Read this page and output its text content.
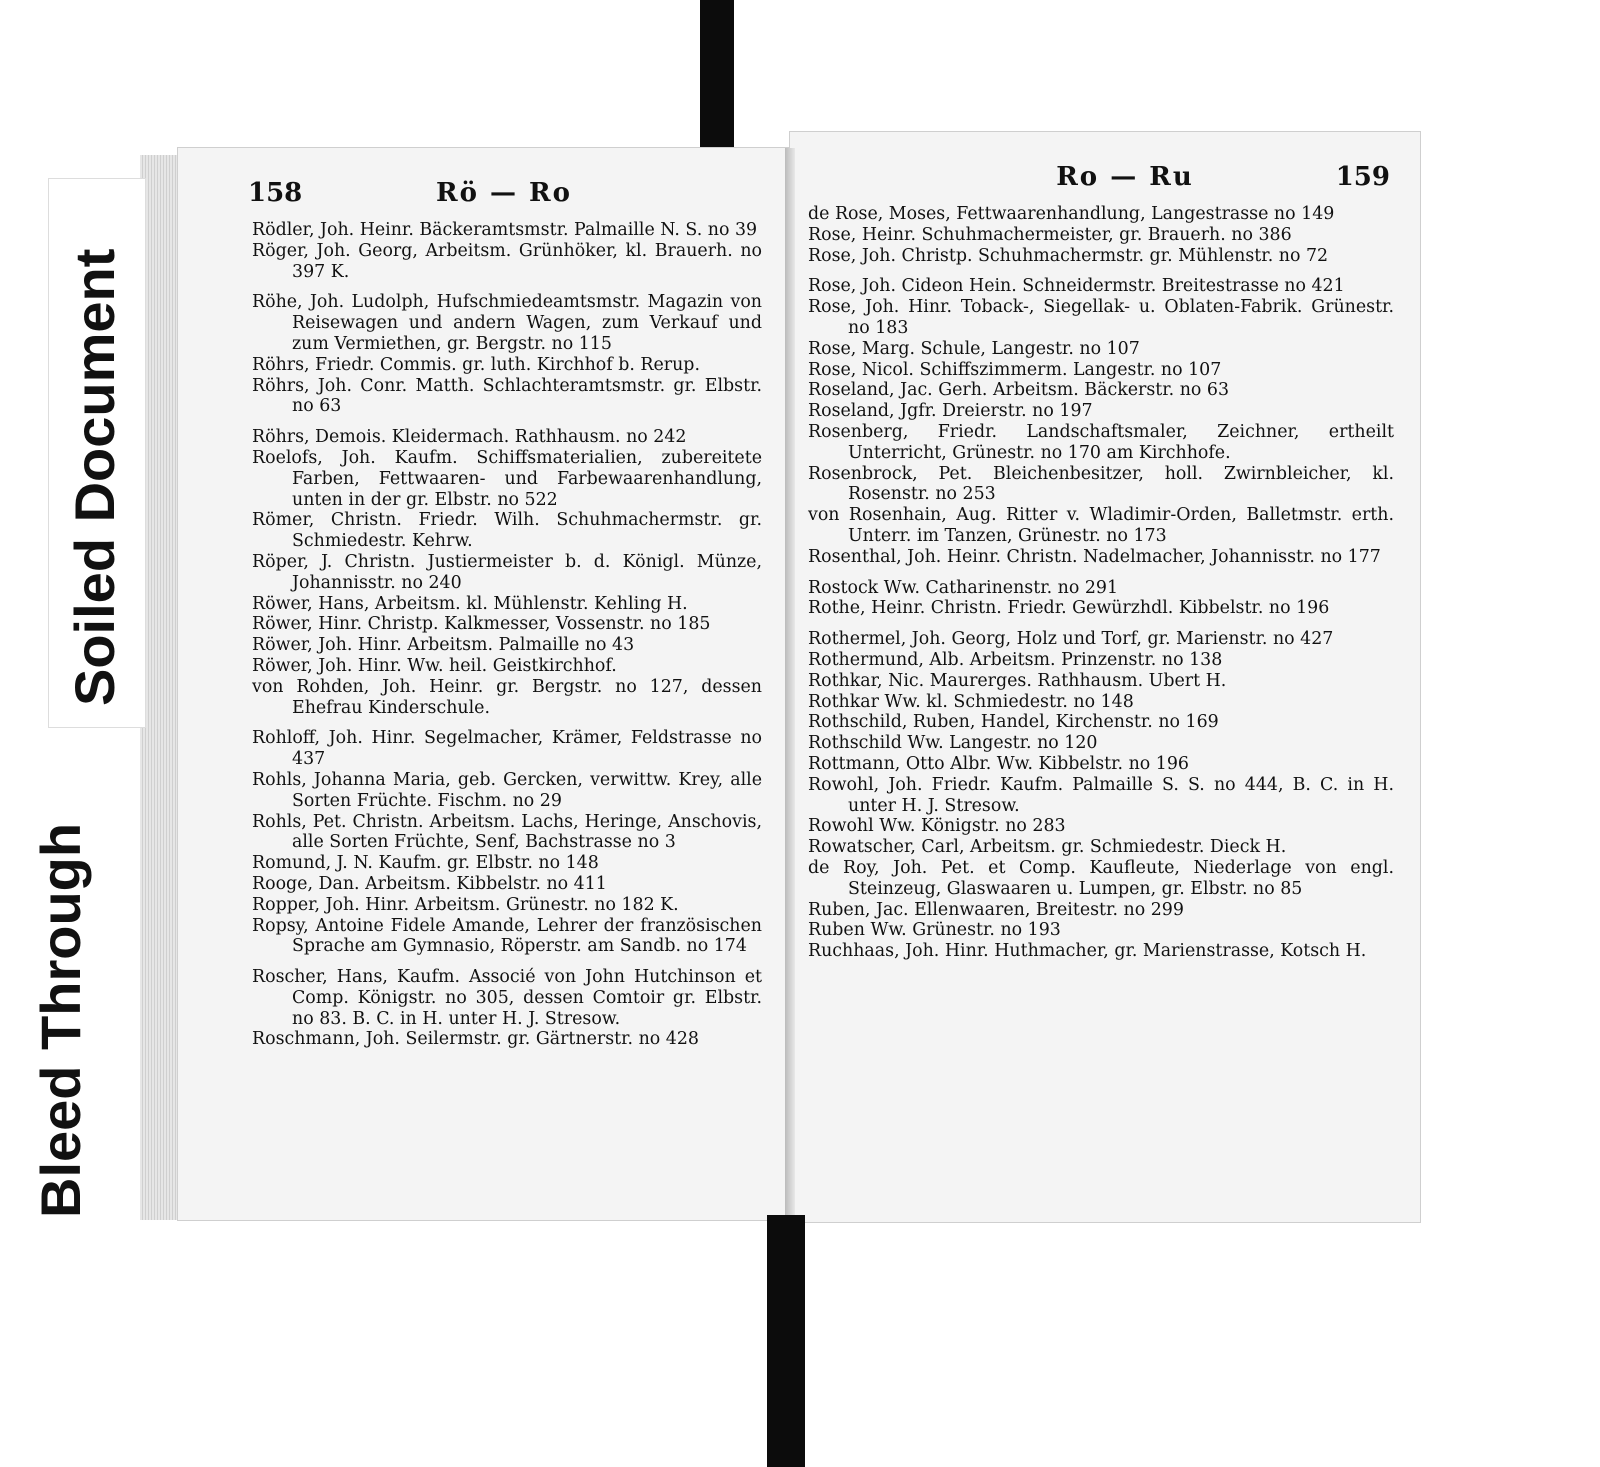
158	Rö — Ro
Rödler, Joh. Heinr. Bäckeramtsmstr. Palmaille N. S. no 39
Röger, Joh. Georg, Arbeitsm. Grünhöker, kl. Brauerh. no 397 K.
Röhe, Joh. Ludolph, Hufschmiedeamtsmstr. Magazin von Reisewagen und andern Wagen, zum Verkauf und zum Vermiethen, gr. Bergstr. no 115
Röhrs, Friedr. Commis. gr. luth. Kirchhof b. Rerup.
Röhrs, Joh. Conr. Matth. Schlachteramtsmstr. gr. Elbstr. no 63
Röhrs, Demois. Kleidermach. Rathhausm. no 242
Roelofs, Joh. Kaufm. Schiffsmaterialien, zubereitete Farben, Fettwaaren- und Farbewaarenhandlung, unten in der gr. Elbstr. no 522
Römer, Christn. Friedr. Wilh. Schuhmachermstr. gr. Schmiedestr. Kehrw.
Röper, J. Christn. Justiermeister b. d. Königl. Münze, Johannisstr. no 240
Röwer, Hans, Arbeitsm. kl. Mühlenstr. Kehling H.
Röwer, Hinr. Christp. Kalkmesser, Vossenstr. no 185
Röwer, Joh. Hinr. Arbeitsm. Palmaille no 43
Röwer, Joh. Hinr. Ww. heil. Geistkirchhof.
von Rohden, Joh. Heinr. gr. Bergstr. no 127, dessen Ehefrau Kinderschule.
Rohloff, Joh. Hinr. Segelmacher, Krämer, Feldstrasse no 437
Rohls, Johanna Maria, geb. Gercken, verwittw. Krey, alle Sorten Früchte. Fischm. no 29
Rohls, Pet. Christn. Arbeitsm. Lachs, Heringe, Anschovis, alle Sorten Früchte, Senf, Bachstrasse no 3
Romund, J. N. Kaufm. gr. Elbstr. no 148
Rooge, Dan. Arbeitsm. Kibbelstr. no 411
Ropper, Joh. Hinr. Arbeitsm. Grünestr. no 182 K.
Ropsy, Antoine Fidele Amande, Lehrer der französischen Sprache am Gymnasio, Röperstr. am Sandb. no 174
Roscher, Hans, Kaufm. Associé von John Hutchinson et Comp. Königstr. no 305, dessen Comtoir gr. Elbstr. no 83. B. C. in H. unter H. J. Stresow.
Roschmann, Joh. Seilermstr. gr. Gärtnerstr. no 428
Ro — Ru	159
de Rose, Moses, Fettwaarenhandlung, Langestrasse no 149
Rose, Heinr. Schuhmachermeister, gr. Brauerh. no 386
Rose, Joh. Christp. Schuhmachermstr. gr. Mühlenstr. no 72
Rose, Joh. Cideon Hein. Schneidermstr. Breitestrasse no 421
Rose, Joh. Hinr. Toback-, Siegellak- u. Oblaten-Fabrik. Grünestr. no 183
Rose, Marg. Schule, Langestr. no 107
Rose, Nicol. Schiffszimmerm. Langestr. no 107
Roseland, Jac. Gerh. Arbeitsm. Bäckerstr. no 63
Roseland, Jgfr. Dreierstr. no 197
Rosenberg, Friedr. Landschaftsmaler, Zeichner, ertheilt Unterricht, Grünestr. no 170 am Kirchhofe.
Rosenbrock, Pet. Bleichenbesitzer, holl. Zwirnbleicher, kl. Rosenstr. no 253
von Rosenhain, Aug. Ritter v. Wladimir-Orden, Balletmstr. erth. Unterr. im Tanzen, Grünestr. no 173
Rosenthal, Joh. Heinr. Christn. Nadelmacher, Johannisstr. no 177
Rostock Ww. Catharinenstr. no 291
Rothe, Heinr. Christn. Friedr. Gewürzhdl. Kibbelstr. no 196
Rothermel, Joh. Georg, Holz und Torf, gr. Marienstr. no 427
Rothermund, Alb. Arbeitsm. Prinzenstr. no 138
Rothkar, Nic. Maurerges. Rathhausm. Ubert H.
Rothkar Ww. kl. Schmiedestr. no 148
Rothschild, Ruben, Handel, Kirchenstr. no 169
Rothschild Ww. Langestr. no 120
Rottmann, Otto Albr. Ww. Kibbelstr. no 196
Rowohl, Joh. Friedr. Kaufm. Palmaille S. S. no 444, B. C. in H. unter H. J. Stresow.
Rowohl Ww. Königstr. no 283
Rowatscher, Carl, Arbeitsm. gr. Schmiedestr. Dieck H.
de Roy, Joh. Pet. et Comp. Kaufleute, Niederlage von engl. Steinzeug, Glaswaaren u. Lumpen, gr. Elbstr. no 85
Ruben, Jac. Ellenwaaren, Breitestr. no 299
Ruben Ww. Grünestr. no 193
Ruchhaas, Joh. Hinr. Huthmacher, gr. Marienstrasse, Kotsch H.
Soiled Document
Bleed Through
